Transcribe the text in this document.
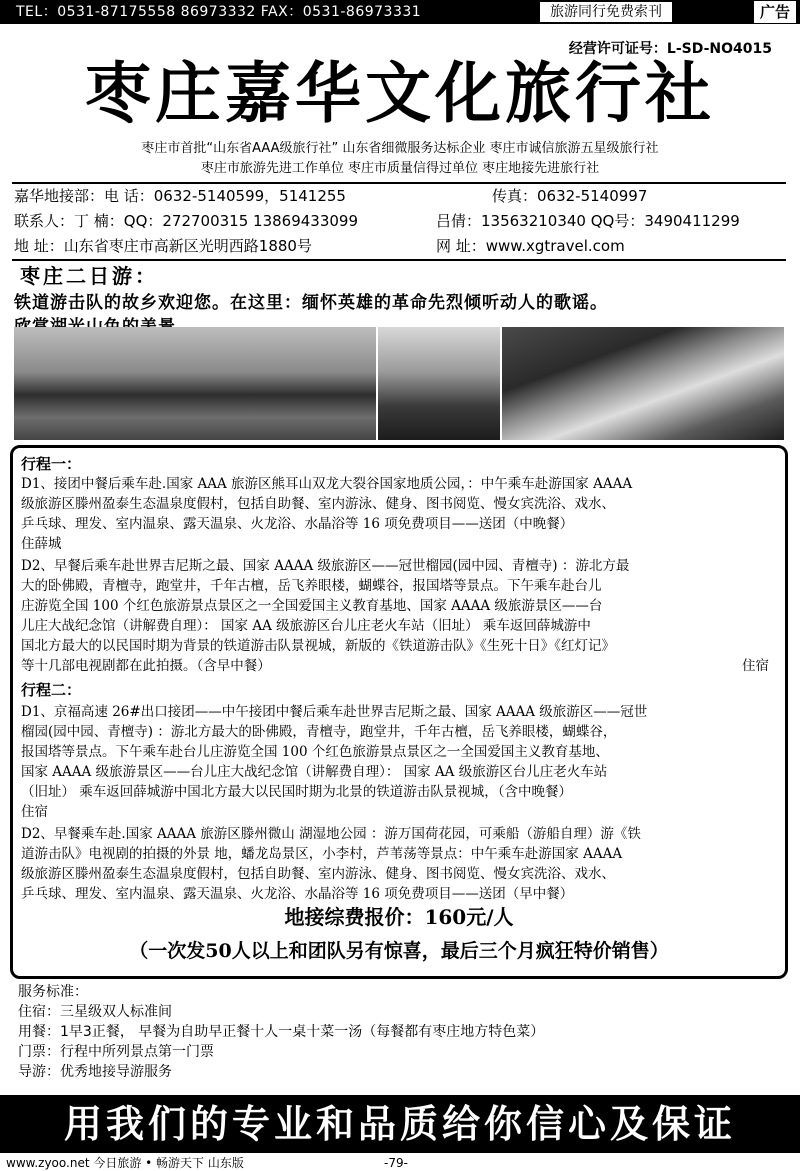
TEL：0531-87175558 86973332 FAX：0531-86973331	旅游同行免费索刊	广告
经营许可证号：L-SD-NO4015
枣庄嘉华文化旅行社
枣庄市首批“山东省AAA级旅行社” 山东省细微服务达标企业 枣庄市诚信旅游五星级旅行社
枣庄市旅游先进工作单位 枣庄市质量信得过单位 枣庄地接先进旅行社
嘉华地接部：电 话：0632-5140599，5141255	传真：0632-5140997
联系人：丁 楠：QQ：272700315 13869433099	吕倩：13563210340 QQ号：3490411299
地 址：山东省枣庄市高新区光明西路1880号	网 址：www.xgtravel.com
枣庄二日游：
铁道游击队的故乡欢迎您。在这里：缅怀英雄的革命先烈倾听动人的歌谣。
行程一：
D1、接团中餐后乘车赴.国家 AAA 旅游区熊耳山双龙大裂谷国家地质公园，：中午乘车赴游国家 AAAA
级旅游区滕州盈泰生态温泉度假村，包括自助餐、室内游泳、健身、图书阅览、慢女宾洗浴、戏水、
乒乓球、理发、室内温泉、露天温泉、火龙浴、水晶浴等 16 项免费项目——送团（中晚餐）
住薛城
D2、早餐后乘车赴世界吉尼斯之最、国家 AAAA 级旅游区——冠世榴园(园中园、青檀寺) ：游北方最
大的卧佛殿，青檀寺，跑堂井，千年古檀，岳飞养眼楼，蝴蝶谷，报国塔等景点。下午乘车赴台儿
庄游览全国 100 个红色旅游景点景区之一全国爱国主义教育基地、国家 AAAA 级旅游景区——台
儿庄大战纪念馆（讲解费自理）： 国家 AA 级旅游区台儿庄老火车站（旧址） 乘车返回薛城游中
国北方最大的以民国时期为背景的铁道游击队景视城，新版的《铁道游击队》《生死十日》《红灯记》
等十几部电视剧都在此拍摄。（含早中餐）	住宿
行程二：
D1、京福高速 26#出口接团——中午接团中餐后乘车赴世界吉尼斯之最、国家 AAAA 级旅游区——冠世
榴园(园中园、青檀寺) ：游北方最大的卧佛殿，青檀寺，跑堂井，千年古檀，岳飞养眼楼，蝴蝶谷，
报国塔等景点。下午乘车赴台儿庄游览全国 100 个红色旅游景点景区之一全国爱国主义教育基地、
国家 AAAA 级旅游景区——台儿庄大战纪念馆（讲解费自理）： 国家 AA 级旅游区台儿庄老火车站
（旧址） 乘车返回薛城游中国北方最大以民国时期为北景的铁道游击队景视城，（含中晚餐）
住宿
D2、早餐乘车赴.国家 AAAA 旅游区滕州微山 湖湿地公园 ：游万国荷花园，可乘船（游船自理）游《铁
道游击队》电视剧的拍摄的外景 地，蟠龙岛景区，小李村，芦苇荡等景点：中午乘车赴游国家 AAAA
级旅游区滕州盈泰生态温泉度假村，包括自助餐、室内游泳、健身、图书阅览、慢女宾洗浴、戏水、
乒乓球、理发、室内温泉、露天温泉、火龙浴、水晶浴等 16 项免费项目——送团（早中餐）
地接综费报价：160元/人
（一次发50人以上和团队另有惊喜，最后三个月疯狂特价销售）
服务标准：
住宿：三星级双人标准间
用餐：1早3正餐， 早餐为自助早正餐十人一桌十菜一汤（每餐都有枣庄地方特色菜）
门票：行程中所列景点第一门票
导游：优秀地接导游服务
用我们的专业和品质给你信心及保证
www.zyoo.net 今日旅游 • 畅游天下 山东版	-79-
